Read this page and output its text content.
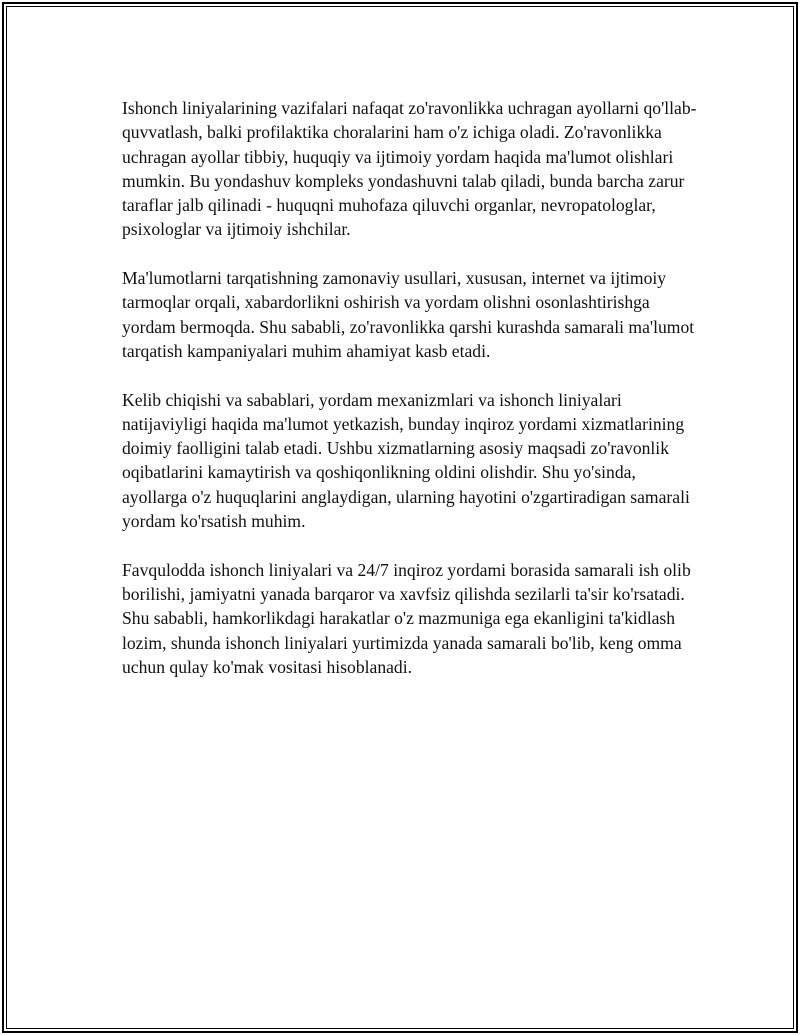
Ishonch liniyalarining vazifalari nafaqat zo'ravonlikka uchragan ayollarni qo'llab-quvvatlash, balki profilaktika choralarini ham o'z ichiga oladi. Zo'ravonlikka uchragan ayollar tibbiy, huquqiy va ijtimoiy yordam haqida ma'lumot olishlari mumkin. Bu yondashuv kompleks yondashuvni talab qiladi, bunda barcha zarur taraflar jalb qilinadi - huquqni muhofaza qiluvchi organlar, nevropatologlar, psixologlar va ijtimoiy ishchilar.

Ma'lumotlarni tarqatishning zamonaviy usullari, xususan, internet va ijtimoiy tarmoqlar orqali, xabardorlikni oshirish va yordam olishni osonlashtirishga yordam bermoqda. Shu sababli, zo'ravonlikka qarshi kurashda samarali ma'lumot tarqatish kampaniyalari muhim ahamiyat kasb etadi.

Kelib chiqishi va sabablari, yordam mexanizmlari va ishonch liniyalari natijaviyligi haqida ma'lumot yetkazish, bunday inqiroz yordami xizmatlarining doimiy faolligini talab etadi. Ushbu xizmatlarning asosiy maqsadi zo'ravonlik oqibatlarini kamaytirish va qoshiqonlikning oldini olishdir. Shu yo'sinda, ayollarga o'z huquqlarini anglaydigan, ularning hayotini o'zgartiradigan samarali yordam ko'rsatish muhim.

Favqulodda ishonch liniyalari va 24/7 inqiroz yordami borasida samarali ish olib borilishi, jamiyatni yanada barqaror va xavfsiz qilishda sezilarli ta'sir ko'rsatadi. Shu sababli, hamkorlikdagi harakatlar o'z mazmuniga ega ekanligini ta'kidlash lozim, shunda ishonch liniyalari yurtimizda yanada samarali bo'lib, keng omma uchun qulay ko'mak vositasi hisoblanadi.
